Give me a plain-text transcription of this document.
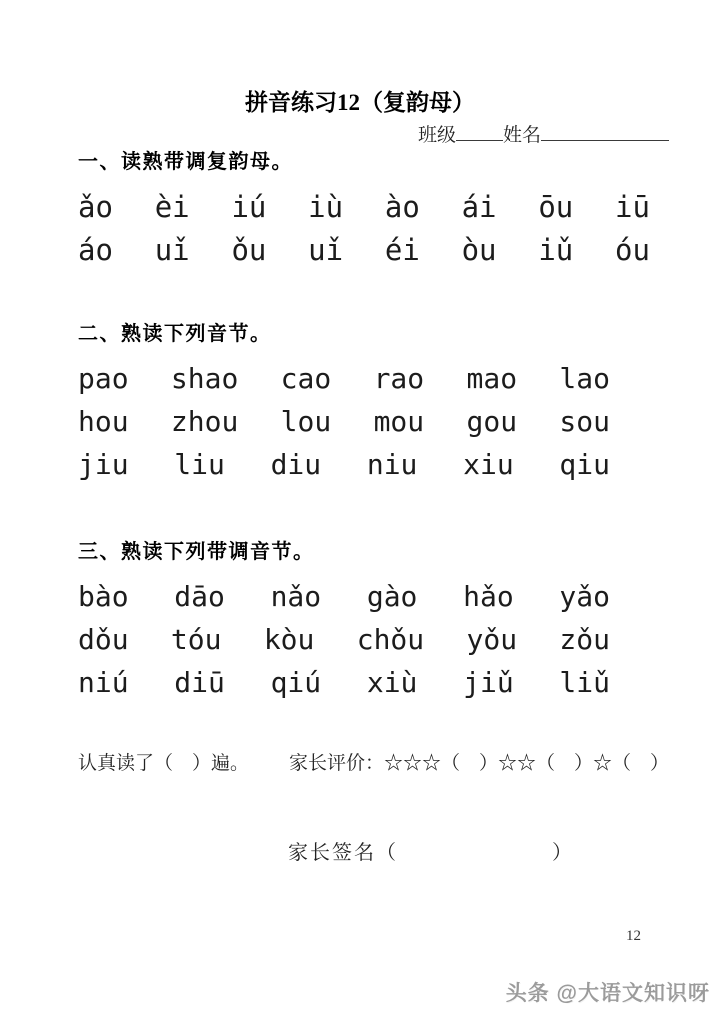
拼音练习12（复韵母）
班级 姓名
一、读熟带调复韵母。
ǎo èi iú iù ào ái ōu iū
áo uǐ ǒu uǐ éi òu iǔ óu
二、熟读下列音节。
pao shao cao rao mao lao
hou zhou lou mou gou sou
jiu liu diu niu xiu qiu
三、熟读下列带调音节。
bào dāo nǎo gào hǎo yǎo
dǒu tóu kòu chǒu yǒu zǒu
niú diū qiú xiù jiǔ liǔ
认真读了（　）遍。 家长评价：☆☆☆（　）☆☆（　）☆（　）
家长签名（　　　　　　　）
12
头条 @大语文知识呀
